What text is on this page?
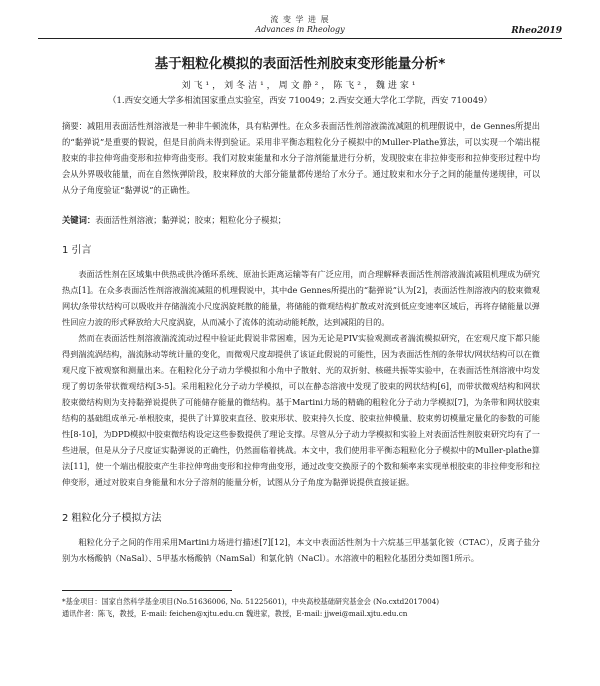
流 变 学 进 展
Advances in Rheology	Rheo2019
基于粗粒化模拟的表面活性剂胶束变形能量分析*
刘飞¹，刘冬洁¹，周文静²，陈飞²，魏进家¹
（1.西安交通大学多相流国家重点实验室，西安 710049；2.西安交通大学化工学院，西安 710049）
摘要：减阻用表面活性剂溶液是一种非牛顿流体，具有粘弹性。在众多表面活性剂溶液湍流减阻的机理假说中，de Gennes所提出的“黏弹说”是重要的假说，但是目前尚未得到验证。采用非平衡态粗粒化分子模拟中的Muller-Plathe算法，可以实现一个端出棍胶束的非拉伸弯曲变形和拉伸弯曲变形。我们对胶束能量和水分子溶剂能量进行分析，发现胶束在非拉伸变形和拉伸变形过程中均会从外界吸收能量，而在自然恢弹阶段，胶束释放的大部分能量都传递给了水分子。通过胶束和水分子之间的能量传递规律，可以从分子角度验证“黏弹说”的正确性。
关键词：表面活性剂溶液；黏弹说；胶束；粗粒化分子模拟；
1 引言

表面活性剂在区域集中供热或供冷循环系统、原油长距离运输等有广泛应用，而合理解释表面活性剂溶液湍流减阻机理成为研究热点[1]。在众多表面活性剂溶液湍流减阻的机理假说中，其中de Gennes所提出的“黏弹说”认为[2]，表面活性剂溶液内的胶束微观网状/条带状结构可以吸收并存储湍流小尺度涡旋耗散的能量，将储能的微观结构扩散或对流到低应变速率区域后，再将存储能量以弹性回应力波的形式释放给大尺度涡旋，从而减小了流体的流动动能耗散，达到减阻的目的。

然而在表面活性剂溶液湍流流动过程中验证此假说非常困难，因为无论是PIV实验观测或者湍流模拟研究，在宏观尺度下都只能得到湍流涡结构，湍流脉动等统计量的变化，而微观尺度却提供了该证此假说的可能性，因为表面活性剂的条带状/网状结构可以在微观尺度下被观察和测量出来。在粗粒化分子动力学模拟和小角中子散射、光的双折射、核磁共振等实验中，在表面活性剂溶液中均发现了剪切条带状微观结构[3-5]。采用粗粒化分子动力学模拟，可以在静态溶液中发现了胶束的网状结构[6]，而带状微观结构和网状胶束微结构则为支持黏弹说提供了可能储存能量的微结构。基于Martini力场的精确的粗粒化分子动力学模拟[7]，为条带和网状胶束结构的基础组成单元-单根胶束，提供了计算胶束直径、胶束形状、胶束持久长度、胶束拉伸模量、胶束剪切模量定量化的参数的可能性[8-10]，为DPD模拟中胶束微结构设定这些参数提供了理论支撑。尽管从分子动力学模拟和实验上对表面活性剂胶束研究均有了一些进展，但是从分子尺度证实黏弹说的正确性，仍然面临着挑战。本文中，我们使用非平衡态粗粒化分子模拟中的Muller-plathe算法[11]，使一个端出棍胶束产生非拉伸弯曲变形和拉伸弯曲变形，通过改变交换原子的个数和频率来实现单根胶束的非拉伸变形和拉伸变形，通过对胶束自身能量和水分子溶剂的能量分析，试图从分子角度为黏弹说提供直接证据。

2 粗粒化分子模拟方法

粗粒化分子之间的作用采用Martini力场进行描述[7][12]，本文中表面活性剂为十六烷基三甲基氯化铵（CTAC），反离子盐分别为水杨酸钠（NaSal）、5甲基水杨酸钠（NamSal）和氯化钠（NaCl）。水溶液中的粗粒化基团分类如图1所示。

*基金项目：国家自然科学基金项目(No.51636006, No. 51225601)，中央高校基础研究基金会 (No.cxtd2017004)
通讯作者：陈飞，教授，E-mail: feichen@xjtu.edu.cn 魏进家，教授，E-mail: jjwei@mail.xjtu.edu.cn
